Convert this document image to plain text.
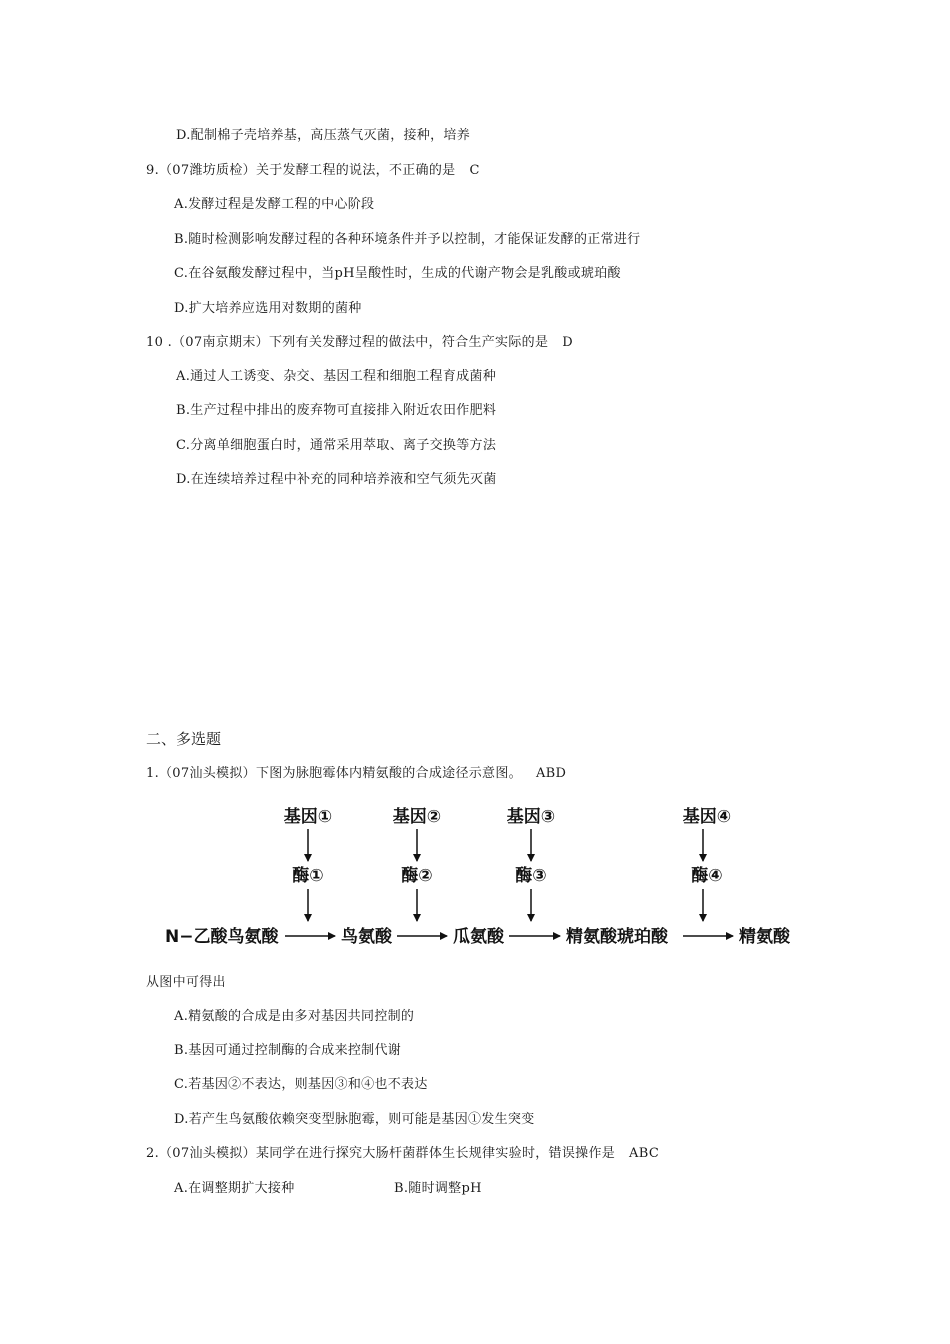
D.配制棉子壳培养基，高压蒸气灭菌，接种，培养
9.（07潍坊质检）关于发酵工程的说法，不正确的是 C
A.发酵过程是发酵工程的中心阶段
B.随时检测影响发酵过程的各种环境条件并予以控制，才能保证发酵的正常进行
C.在谷氨酸发酵过程中，当pH呈酸性时，生成的代谢产物会是乳酸或琥珀酸
D.扩大培养应选用对数期的菌种
10 .（07南京期末）下列有关发酵过程的做法中，符合生产实际的是 D
A.通过人工诱变、杂交、基因工程和细胞工程育成菌种
B.生产过程中排出的废弃物可直接排入附近农田作肥料
C.分离单细胞蛋白时，通常采用萃取、离子交换等方法
D.在连续培养过程中补充的同种培养液和空气须先灭菌
二、多选题
1.（07汕头模拟）下图为脉胞霉体内精氨酸的合成途径示意图。 ABD
基因①	基因②	基因③	基因④
酶①	酶②	酶③	酶④
N−乙酸鸟氨酸	鸟氨酸	瓜氨酸	精氨酸琥珀酸	精氨酸
从图中可得出
A.精氨酸的合成是由多对基因共同控制的
B.基因可通过控制酶的合成来控制代谢
C.若基因②不表达，则基因③和④也不表达
D.若产生鸟氨酸依赖突变型脉胞霉，则可能是基因①发生突变
2.（07汕头模拟）某同学在进行探究大肠杆菌群体生长规律实验时，错误操作是 ABC
A.在调整期扩大接种	B.随时调整pH
